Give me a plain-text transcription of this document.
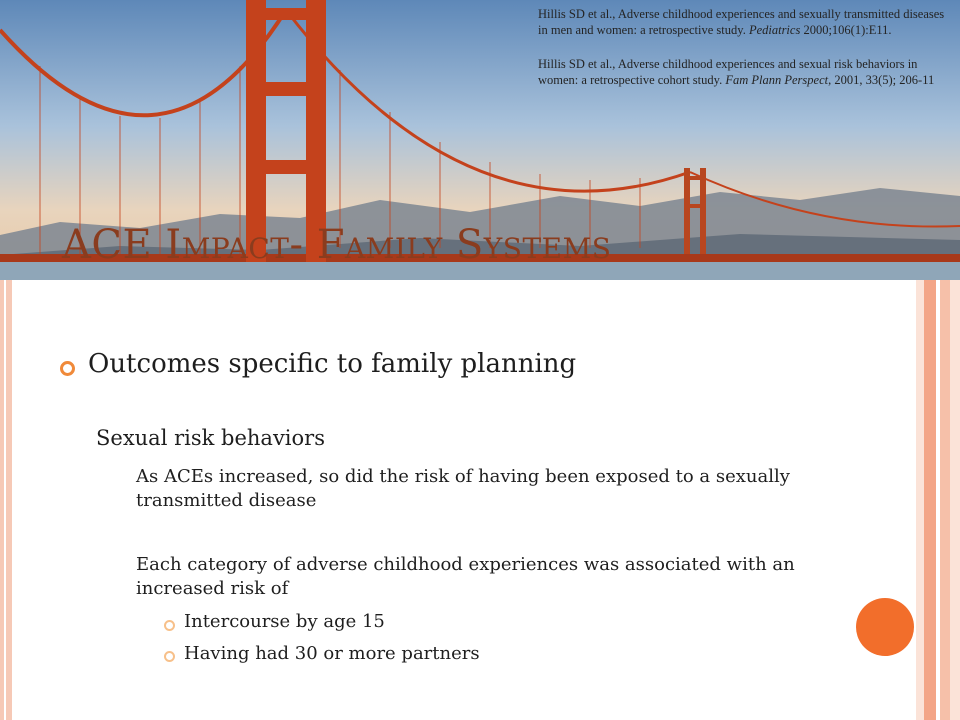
Hillis SD et al., Adverse childhood experiences and sexually transmitted diseases in men and women: a retrospective study. Pediatrics 2000;106(1):E11.

Hillis SD et al., Adverse childhood experiences and sexual risk behaviors in women: a retrospective cohort study. Fam Plann Perspect, 2001, 33(5); 206-11

ACE Impact- Family Systems
Outcomes specific to family planning
Sexual risk behaviors
As ACEs increased, so did the risk of having been exposed to a sexually transmitted disease
Each category of adverse childhood experiences was associated with an increased risk of
Intercourse by age 15
Having had 30 or more partners
